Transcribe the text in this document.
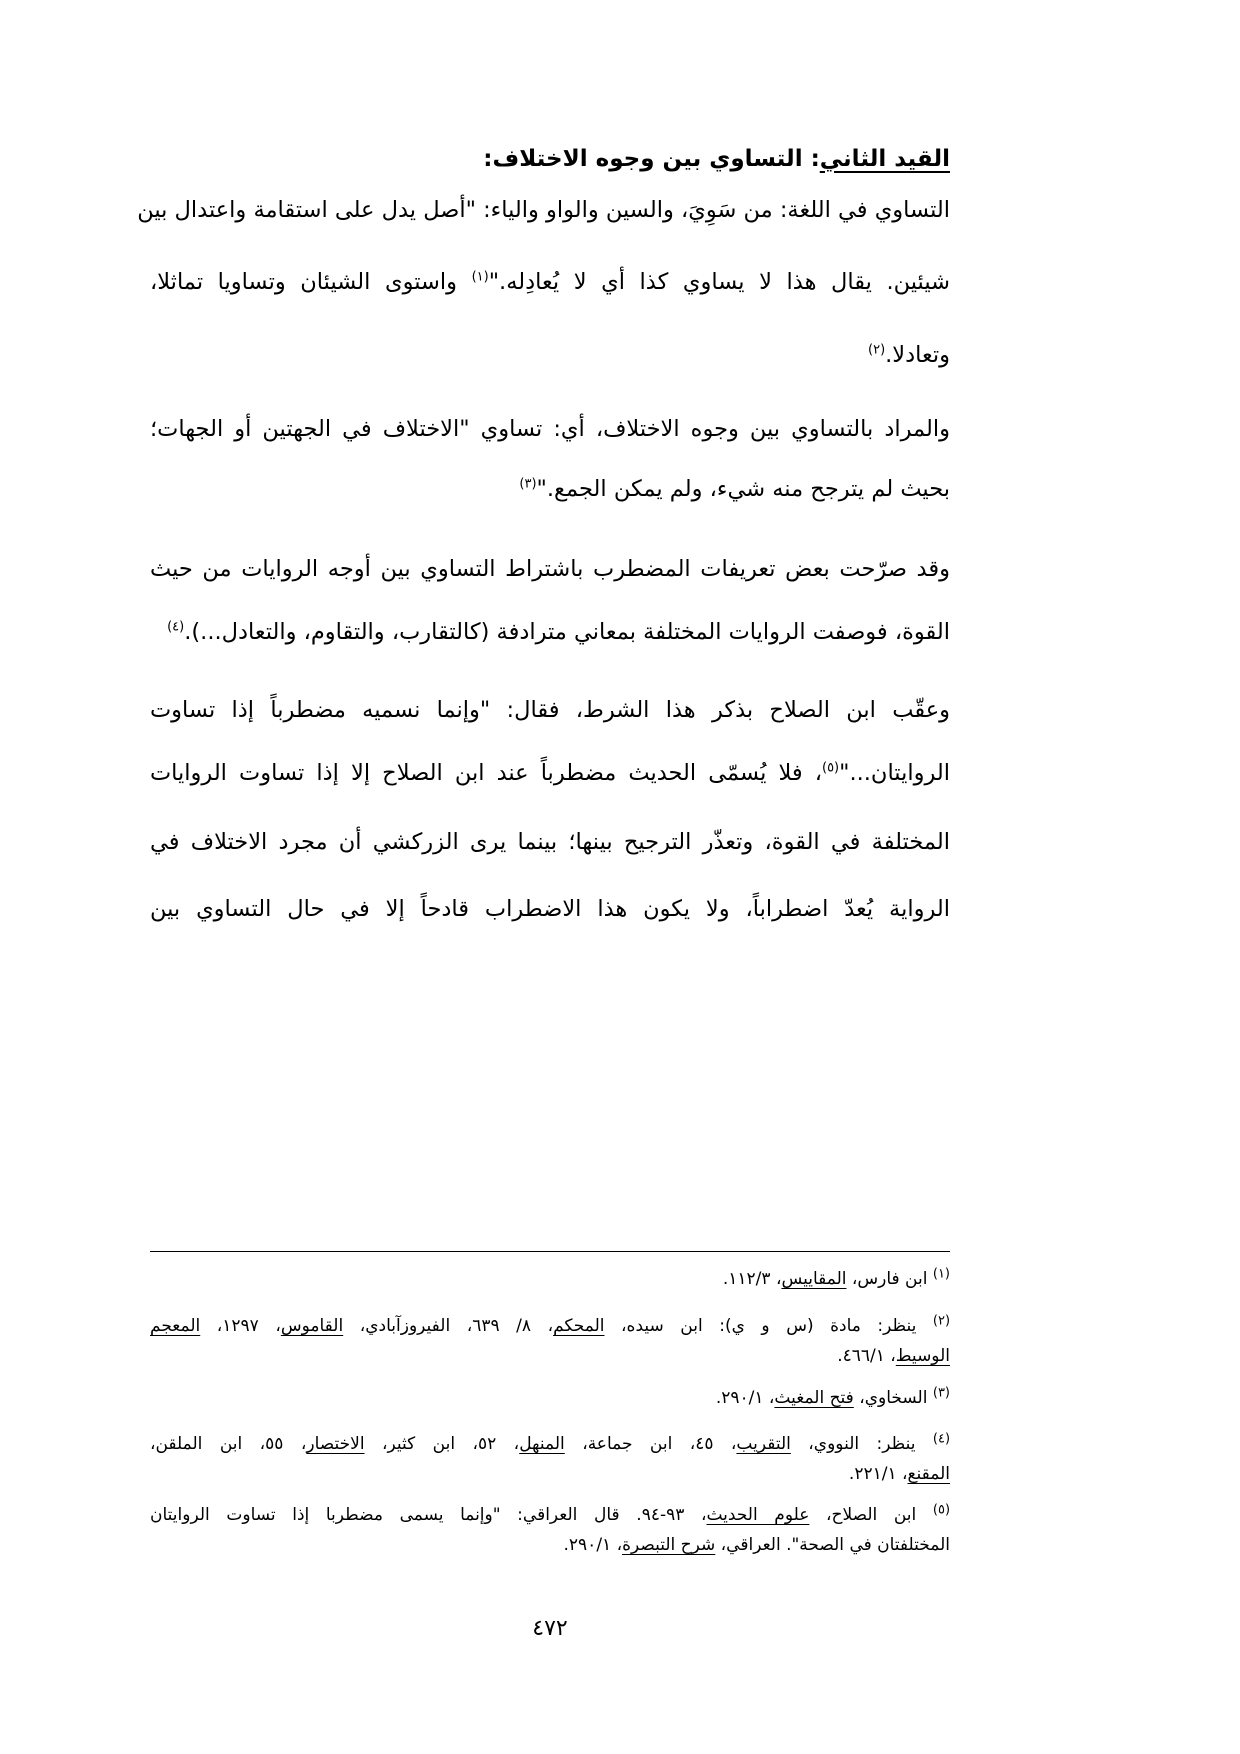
القيد الثاني: التساوي بين وجوه الاختلاف:
التساوي في اللغة: من سَوِيَ، والسين والواو والياء: "أصل يدل على استقامة واعتدال بين
شيئين. يقال هذا لا يساوي كذا أي لا يُعادِله."$^{(١)}$ واستوى الشيئان وتساويا تماثلا،
وتعادلا.$^{(٢)}$
والمراد بالتساوي بين وجوه الاختلاف، أي: تساوي "الاختلاف في الجهتين أو الجهات؛
بحيث لم يترجح منه شيء، ولم يمكن الجمع."$^{(٣)}$
وقد صرّحت بعض تعريفات المضطرب باشتراط التساوي بين أوجه الروايات من حيث
القوة، فوصفت الروايات المختلفة بمعاني مترادفة (كالتقارب، والتقاوم، والتعادل...).$^{(٤)}$
وعقّب ابن الصلاح بذكر هذا الشرط، فقال: "وإنما نسميه مضطرباً إذا تساوت
الروايتان..."$^{(٥)}$، فلا يُسمّى الحديث مضطرباً عند ابن الصلاح إلا إذا تساوت الروايات
المختلفة في القوة، وتعذّر الترجيح بينها؛ بينما يرى الزركشي أن مجرد الاختلاف في
الرواية يُعدّ اضطراباً، ولا يكون هذا الاضطراب قادحاً إلا في حال التساوي بين
$^{(١)}$ ابن فارس، المقاييس، ١١٢/٣.
$^{(٢)}$ ينظر: مادة (س و ي): ابن سيده، المحكم، ٨/ ٦٣٩، الفيروزآبادي، القاموس، ١٢٩٧، المعجم
الوسيط، ٤٦٦/١.
$^{(٣)}$ السخاوي، فتح المغيث، ٢٩٠/١.
$^{(٤)}$ ينظر: النووي، التقريب، ٤٥، ابن جماعة، المنهل، ٥٢، ابن كثير، الاختصار، ٥٥، ابن الملقن،
المقنع، ٢٢١/١.
$^{(٥)}$ ابن الصلاح، علوم الحديث، ٩٣-٩٤. قال العراقي: "وإنما يسمى مضطربا إذا تساوت الروايتان
المختلفتان في الصحة". العراقي، شرح التبصرة، ٢٩٠/١.
٤٧٢
